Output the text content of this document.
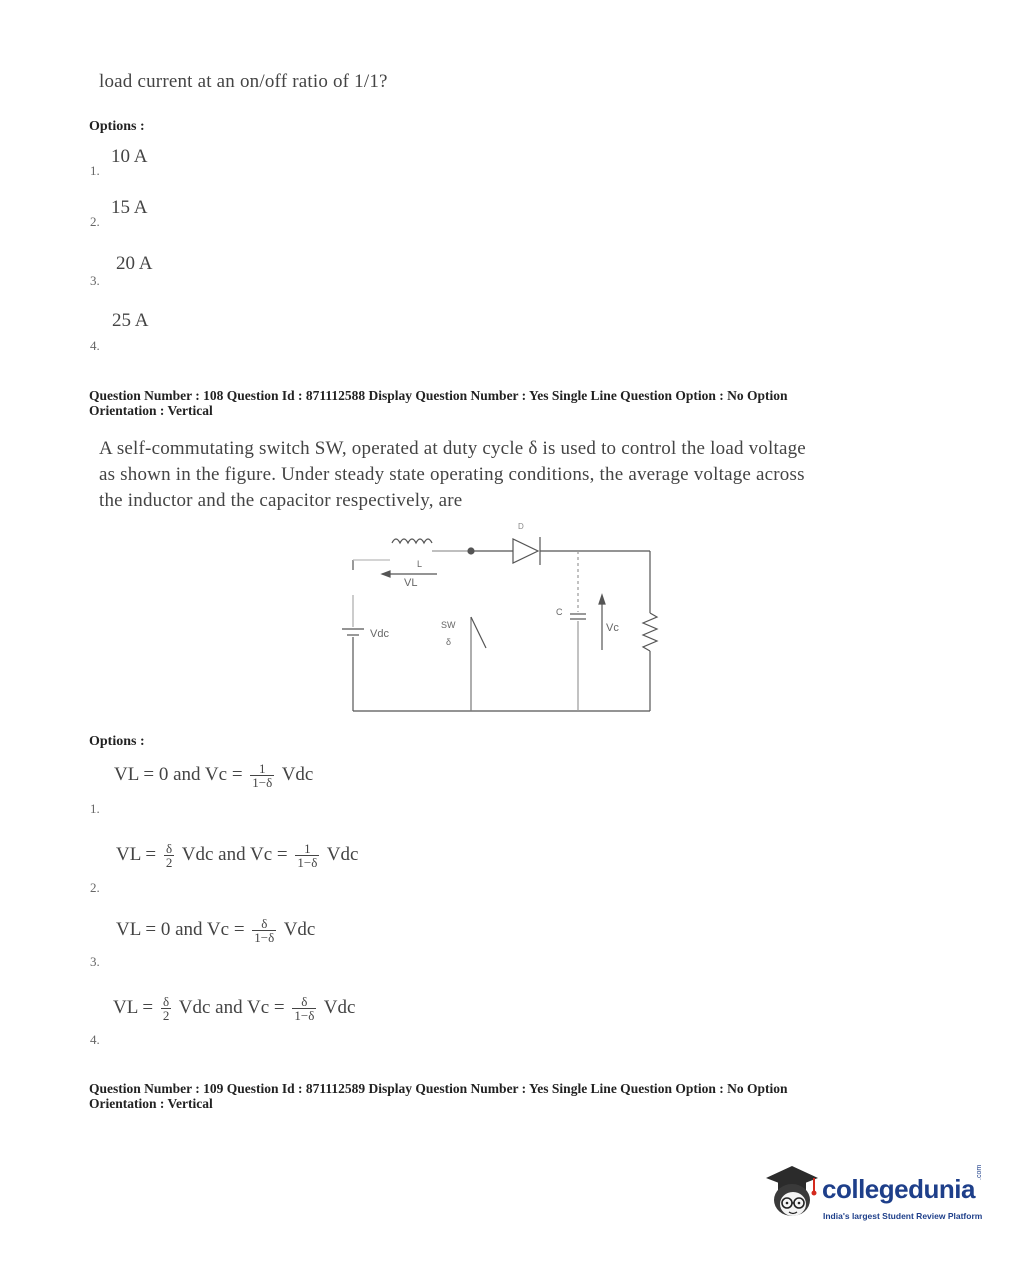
load current at an on/off ratio of 1/1?
Options :
10 A
1.
15 A
2.
20 A
3.
25 A
4.
Question Number : 108 Question Id : 871112588 Display Question Number : Yes Single Line Question Option : No Option
Orientation : Vertical
A self-commutating switch SW, operated at duty cycle δ is used to control the load voltage
as shown in the figure. Under steady state operating conditions, the average voltage across
the inductor and the capacitor respectively, are
L
VL
D
Vdc
SW
δ
C
Vc
Options :
VL = 0 and $Vc = \frac{1}{1-\delta}$ Vdc
1.
VL = $\frac{\delta}{2}$ Vdc and $Vc = \frac{1}{1-\delta}$ Vdc
2.
VL = 0 and $Vc = \frac{\delta}{1-\delta}$ Vdc
3.
VL = $\frac{\delta}{2}$ Vdc and $Vc = \frac{\delta}{1-\delta}$ Vdc
4.
Question Number : 109 Question Id : 871112589 Display Question Number : Yes Single Line Question Option : No Option
Orientation : Vertical
collegedunia
.com
India's largest Student Review Platform
